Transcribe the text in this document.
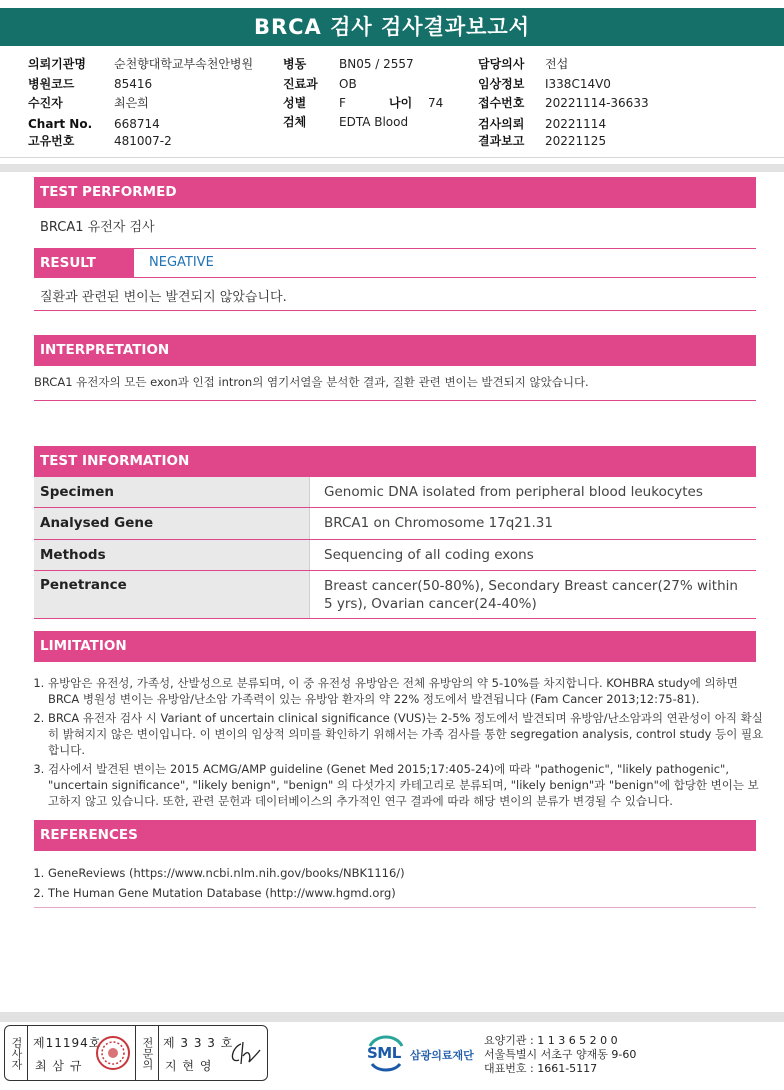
BRCA 검사 검사결과보고서
의뢰기관명 순천향대학교부속천안병원
병원코드	85416
수진자	최은희
Chart No. 668714
고유번호	481007-2
병동	BN05 / 2557
진료과 OB
성별	F	나이 74
검체	EDTA Blood
담당의사 전섭
임상정보 I338C14V0
접수번호 20221114-36633
검사의뢰 20221114
결과보고 20221125
TEST PERFORMED
BRCA1 유전자 검사
RESULT	NEGATIVE
질환과 관련된 변이는 발견되지 않았습니다.
INTERPRETATION
BRCA1 유전자의 모든 exon과 인접 intron의 염기서열을 분석한 결과, 질환 관련 변이는 발견되지 않았습니다.
TEST INFORMATION
Specimen	Genomic DNA isolated from peripheral blood leukocytes
Analysed Gene	BRCA1 on Chromosome 17q21.31
Methods	Sequencing of all coding exons
Penetrance	Breast cancer(50-80%), Secondary Breast cancer(27% within 5 yrs), Ovarian cancer(24-40%)
LIMITATION
1. 유방암은 유전성, 가족성, 산발성으로 분류되며, 이 중 유전성 유방암은 전체 유방암의 약 5-10%를 차지합니다. KOHBRA study에 의하면 BRCA 병원성 변이는 유방암/난소암 가족력이 있는 유방암 환자의 약 22% 정도에서 발견됩니다 (Fam Cancer 2013;12:75-81).
2. BRCA 유전자 검사 시 Variant of uncertain clinical significance (VUS)는 2-5% 정도에서 발견되며 유방암/난소암과의 연관성이 아직 확실히 밝혀지지 않은 변이입니다. 이 변이의 임상적 의미를 확인하기 위해서는 가족 검사를 통한 segregation analysis, control study 등이 필요합니다.
3. 검사에서 발견된 변이는 2015 ACMG/AMP guideline (Genet Med 2015;17:405-24)에 따라 "pathogenic", "likely pathogenic", "uncertain significance", "likely benign", "benign" 의 다섯가지 카테고리로 분류되며, "likely benign"과 "benign"에 합당한 변이는 보고하지 않고 있습니다. 또한, 관련 문헌과 데이터베이스의 추가적인 연구 결과에 따라 해당 변이의 분류가 변경될 수 있습니다.
REFERENCES
1. GeneReviews (https://www.ncbi.nlm.nih.gov/books/NBK1116/)
2. The Human Gene Mutation Database (http://www.hgmd.org)
검사자 제11194호
최 삼 규	전문의 제 3 3 3 호
지 현 영
SML 삼광의료재단
요양기관 : 1 1 3 6 5 2 0 0
서울특별시 서초구 양재동 9-60
대표번호 : 1661-5117
